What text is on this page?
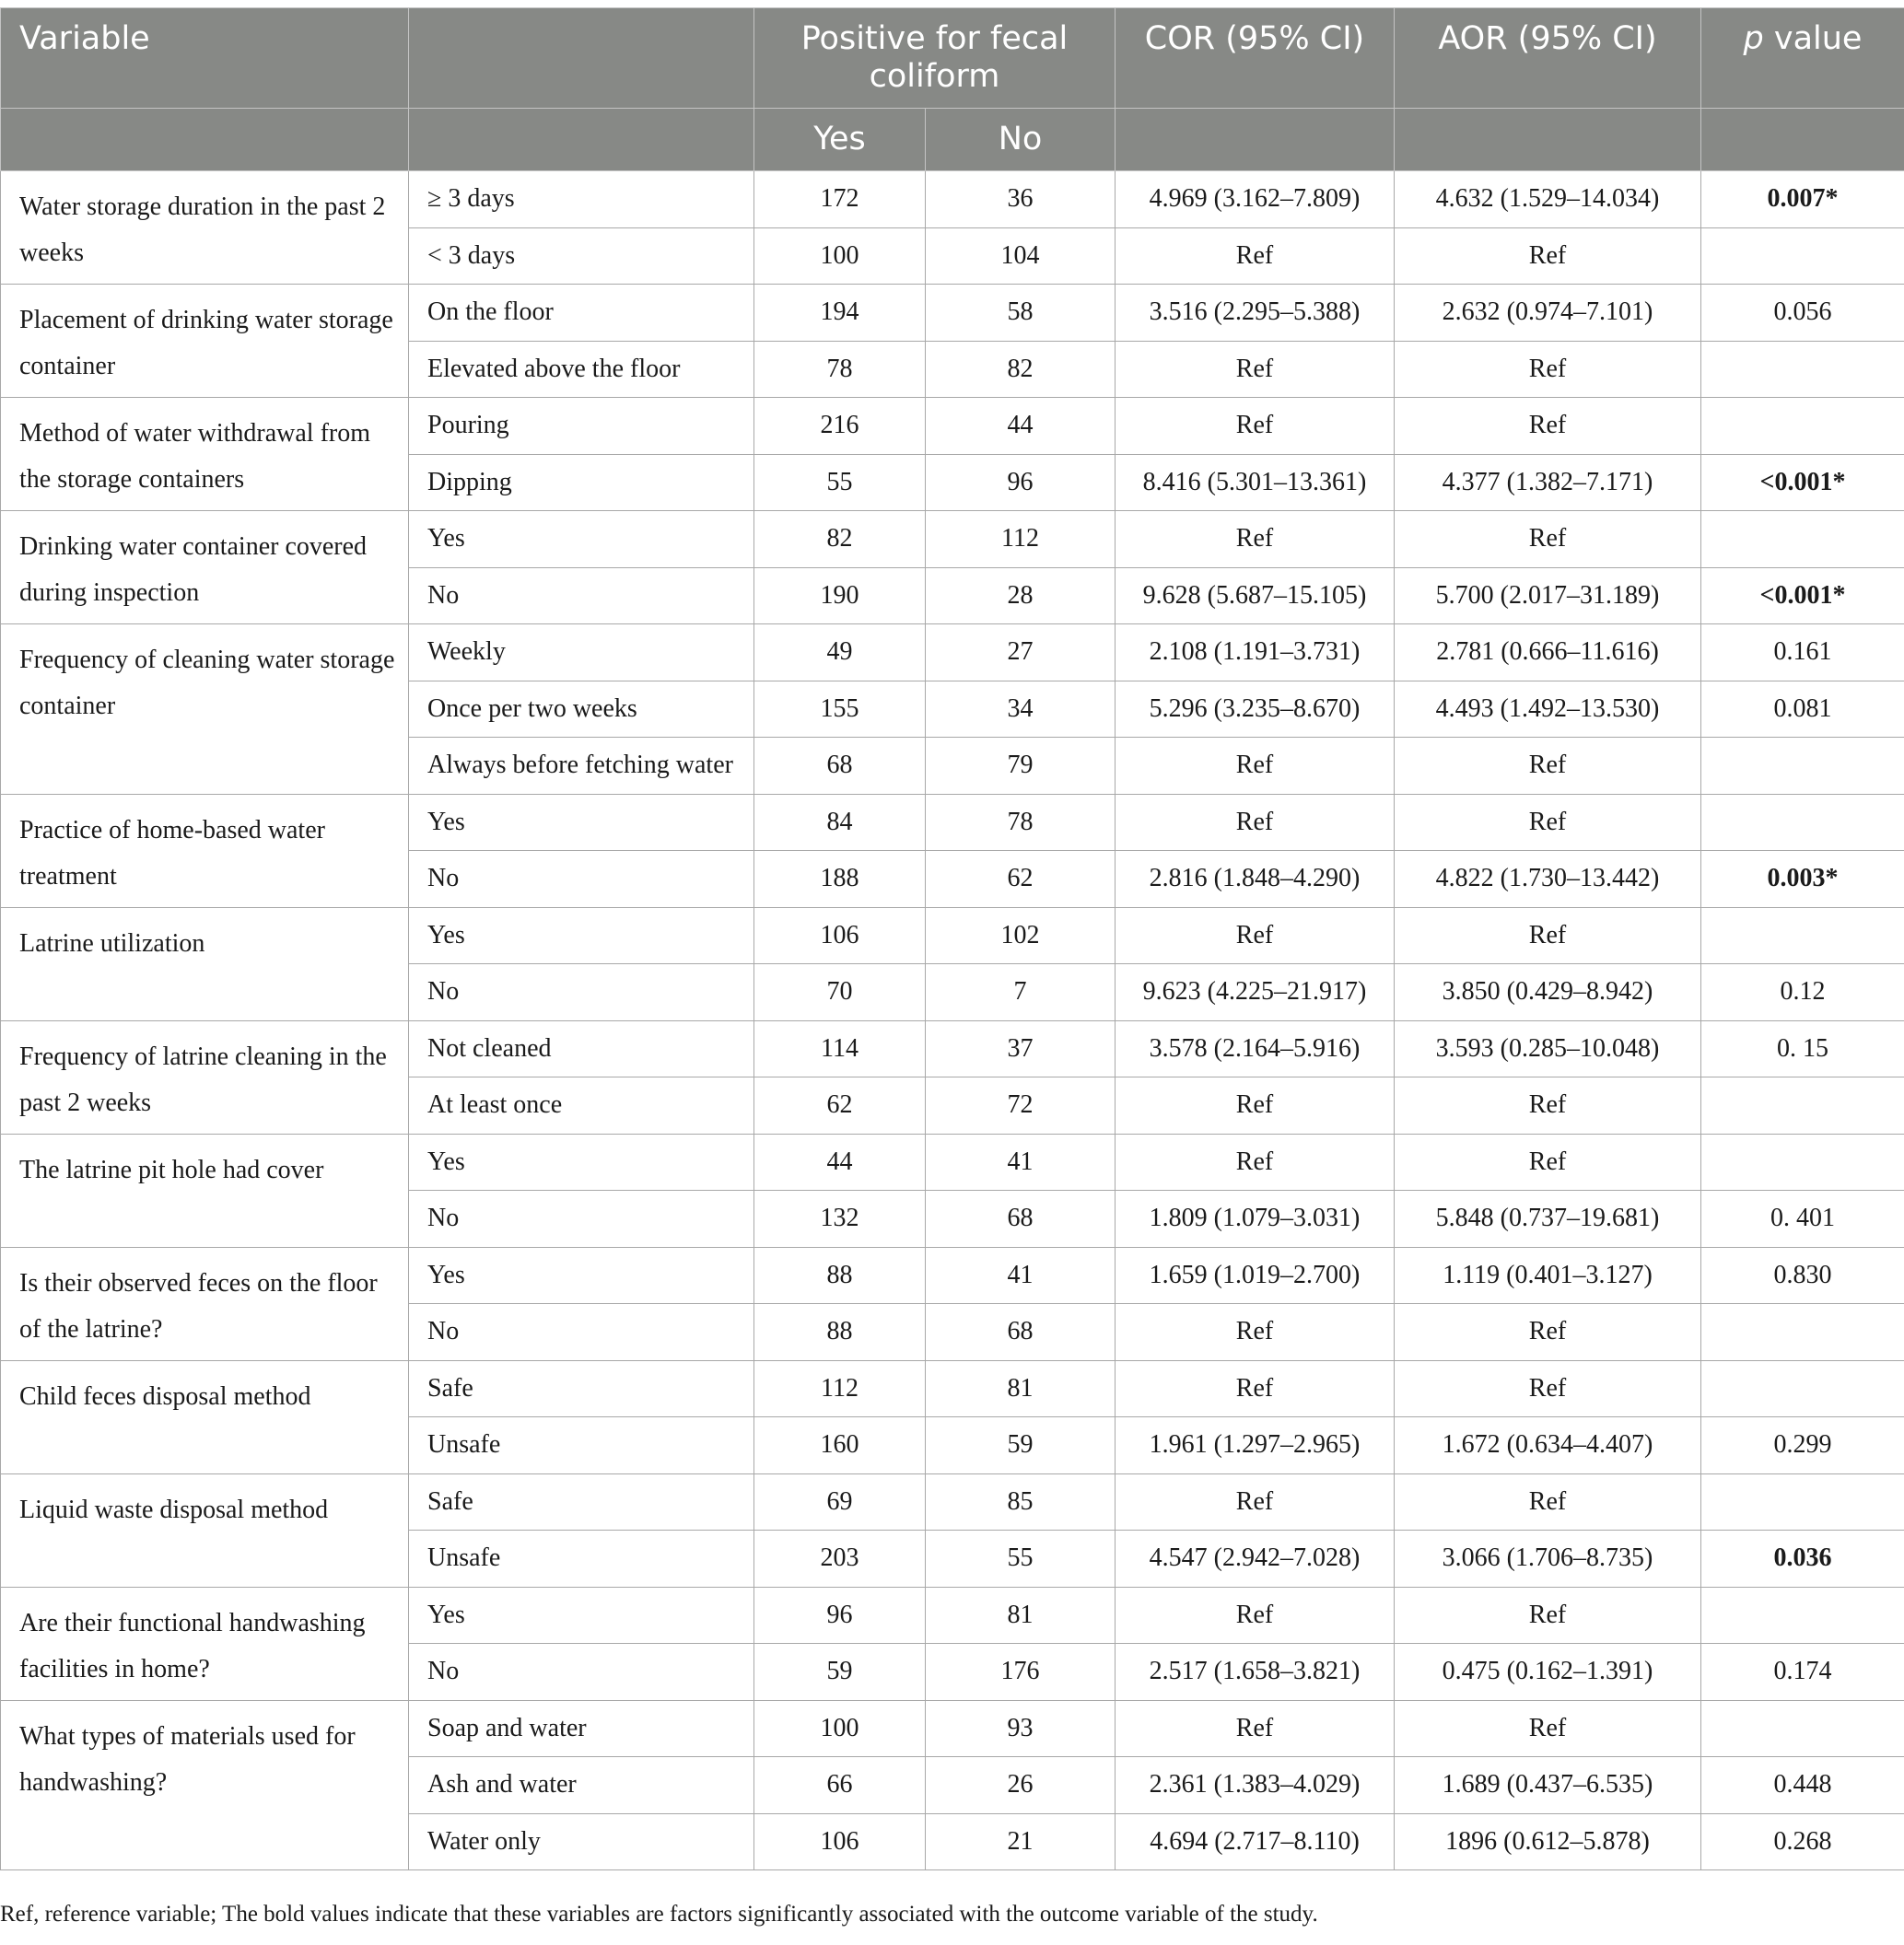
Variable		Positive for fecal coliform		COR (95% CI)	AOR (95% CI)	p value
		Yes	No			
Water storage duration in the past 2 weeks	≥ 3 days	172	36	4.969 (3.162–7.809)	4.632 (1.529–14.034)	0.007*
	< 3 days	100	104	Ref	Ref	
Placement of drinking water storage container	On the floor	194	58	3.516 (2.295–5.388)	2.632 (0.974–7.101)	0.056
	Elevated above the floor	78	82	Ref	Ref	
Method of water withdrawal from the storage containers	Pouring	216	44	Ref	Ref	
	Dipping	55	96	8.416 (5.301–13.361)	4.377 (1.382–7.171)	<0.001*
Drinking water container covered during inspection	Yes	82	112	Ref	Ref	
	No	190	28	9.628 (5.687–15.105)	5.700 (2.017–31.189)	<0.001*
Frequency of cleaning water storage container	Weekly	49	27	2.108 (1.191–3.731)	2.781 (0.666–11.616)	0.161
	Once per two weeks	155	34	5.296 (3.235–8.670)	4.493 (1.492–13.530)	0.081
	Always before fetching water	68	79	Ref	Ref	
Practice of home-based water treatment	Yes	84	78	Ref	Ref	
	No	188	62	2.816 (1.848–4.290)	4.822 (1.730–13.442)	0.003*
Latrine utilization	Yes	106	102	Ref	Ref	
	No	70	7	9.623 (4.225–21.917)	3.850 (0.429–8.942)	0.12
Frequency of latrine cleaning in the past 2 weeks	Not cleaned	114	37	3.578 (2.164–5.916)	3.593 (0.285–10.048)	0. 15
	At least once	62	72	Ref	Ref	
The latrine pit hole had cover	Yes	44	41	Ref	Ref	
	No	132	68	1.809 (1.079–3.031)	5.848 (0.737–19.681)	0. 401
Is their observed feces on the floor of the latrine?	Yes	88	41	1.659 (1.019–2.700)	1.119 (0.401–3.127)	0.830
	No	88	68	Ref	Ref	
Child feces disposal method	Safe	112	81	Ref	Ref	
	Unsafe	160	59	1.961 (1.297–2.965)	1.672 (0.634–4.407)	0.299
Liquid waste disposal method	Safe	69	85	Ref	Ref	
	Unsafe	203	55	4.547 (2.942–7.028)	3.066 (1.706–8.735)	0.036
Are their functional handwashing facilities in home?	Yes	96	81	Ref	Ref	
	No	59	176	2.517 (1.658–3.821)	0.475 (0.162–1.391)	0.174
What types of materials used for handwashing?	Soap and water	100	93	Ref	Ref	
	Ash and water	66	26	2.361 (1.383–4.029)	1.689 (0.437–6.535)	0.448
	Water only	106	21	4.694 (2.717–8.110)	1896 (0.612–5.878)	0.268
Ref, reference variable; The bold values indicate that these variables are factors significantly associated with the outcome variable of the study.
